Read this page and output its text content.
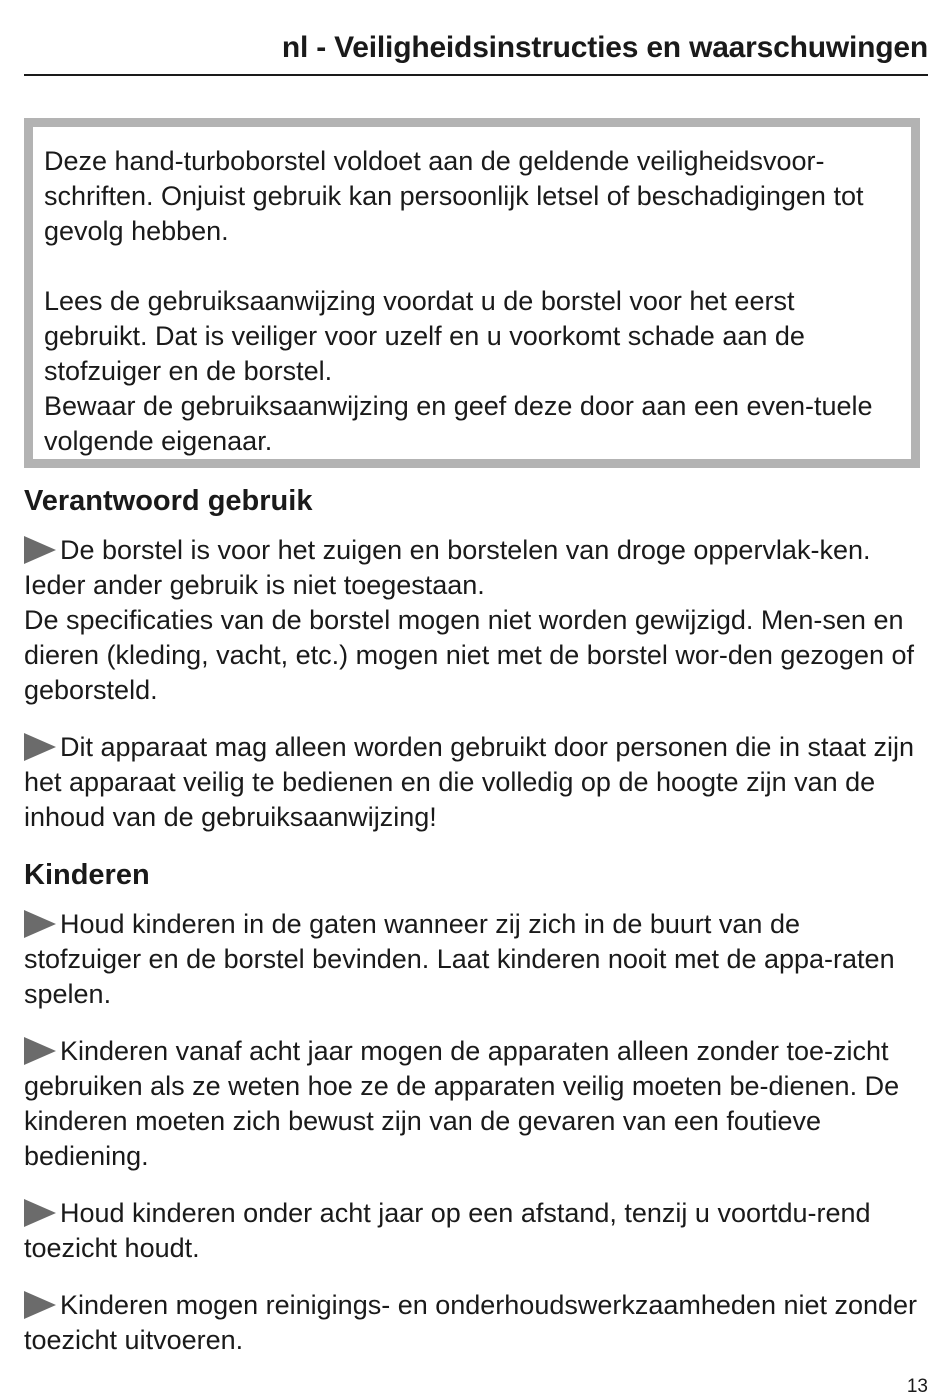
nl - Veiligheidsinstructies en waarschuwingen

Deze hand-turboborstel voldoet aan de geldende veiligheidsvoor-schriften. Onjuist gebruik kan persoonlijk letsel of beschadigingen tot gevolg hebben.

Lees de gebruiksaanwijzing voordat u de borstel voor het eerst gebruikt. Dat is veiliger voor uzelf en u voorkomt schade aan de stofzuiger en de borstel.

Bewaar de gebruiksaanwijzing en geef deze door aan een even-tuele volgende eigenaar.

Verantwoord gebruik

De borstel is voor het zuigen en borstelen van droge oppervlak-ken. Ieder ander gebruik is niet toegestaan.

De specificaties van de borstel mogen niet worden gewijzigd. Men-sen en dieren (kleding, vacht, etc.) mogen niet met de borstel wor-den gezogen of geborsteld.

Dit apparaat mag alleen worden gebruikt door personen die in staat zijn het apparaat veilig te bedienen en die volledig op de hoogte zijn van de inhoud van de gebruiksaanwijzing!

Kinderen

Houd kinderen in de gaten wanneer zij zich in de buurt van de stofzuiger en de borstel bevinden. Laat kinderen nooit met de appa-raten spelen.

Kinderen vanaf acht jaar mogen de apparaten alleen zonder toe-zicht gebruiken als ze weten hoe ze de apparaten veilig moeten be-dienen. De kinderen moeten zich bewust zijn van de gevaren van een foutieve bediening.

Houd kinderen onder acht jaar op een afstand, tenzij u voortdu-rend toezicht houdt.

Kinderen mogen reinigings- en onderhoudswerkzaamheden niet zonder toezicht uitvoeren.

13
